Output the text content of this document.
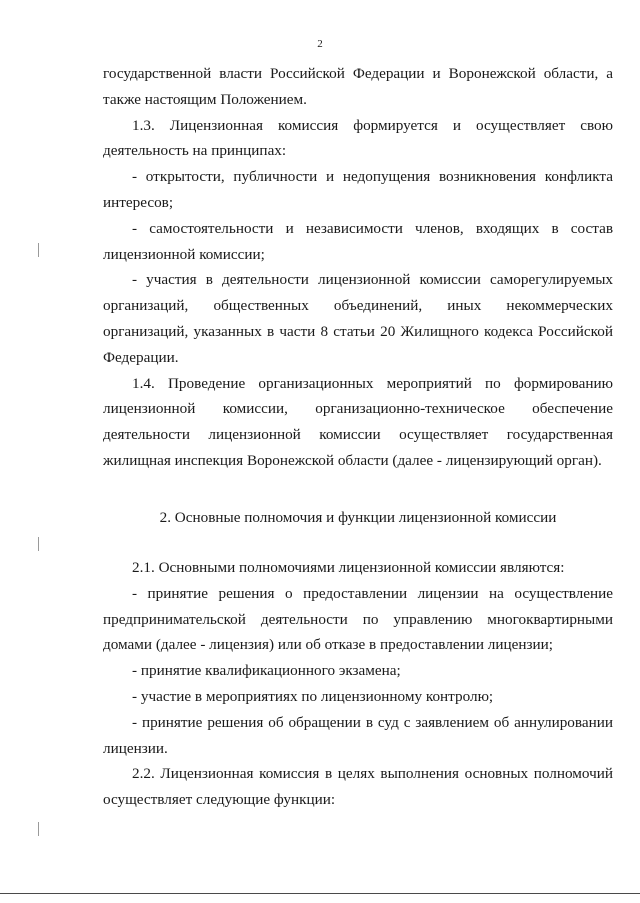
2

государственной власти Российской Федерации и Воронежской области, а также настоящим Положением.

1.3. Лицензионная комиссия формируется и осуществляет свою деятельность на принципах:

- открытости, публичности и недопущения возникновения конфликта интересов;

- самостоятельности и независимости членов, входящих в состав лицензионной комиссии;

- участия в деятельности лицензионной комиссии саморегулируемых организаций, общественных объединений, иных некоммерческих организаций, указанных в части 8 статьи 20 Жилищного кодекса Российской Федерации.

1.4. Проведение организационных мероприятий по формированию лицензионной комиссии, организационно-техническое обеспечение деятельности лицензионной комиссии осуществляет государственная жилищная инспекция Воронежской области (далее - лицензирующий орган).

2. Основные полномочия и функции лицензионной комиссии

2.1. Основными полномочиями лицензионной комиссии являются:

- принятие решения о предоставлении лицензии на осуществление предпринимательской деятельности по управлению многоквартирными домами (далее - лицензия) или об отказе в предоставлении лицензии;

- принятие квалификационного экзамена;

- участие в мероприятиях по лицензионному контролю;

- принятие решения об обращении в суд с заявлением об аннулировании лицензии.

2.2. Лицензионная комиссия в целях выполнения основных полномочий осуществляет следующие функции:
